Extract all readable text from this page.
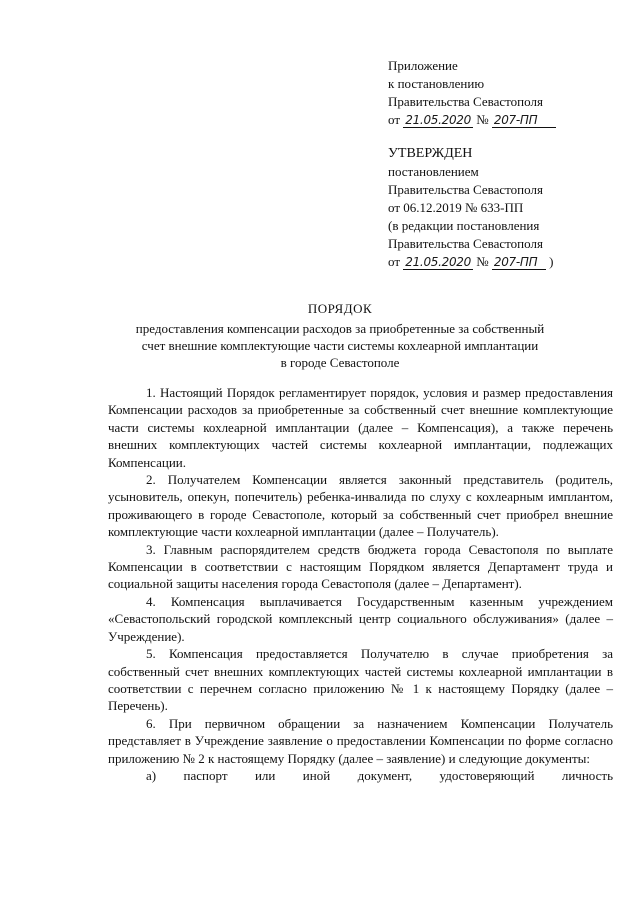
Приложение
к постановлению
Правительства Севастополя
от 21.05.2020 № 207-ПП
УТВЕРЖДЕН
постановлением
Правительства Севастополя
от 06.12.2019 № 633-ПП
(в редакции постановления
Правительства Севастополя
от 21.05.2020 № 207-ПП )
ПОРЯДОК
предоставления компенсации расходов за приобретенные за собственный
счет внешние комплектующие части системы кохлеарной имплантации
в городе Севастополе

1. Настоящий Порядок регламентирует порядок, условия и размер предоставления Компенсации расходов за приобретенные за собственный счет внешние комплектующие части системы кохлеарной имплантации (далее – Компенсация), а также перечень внешних комплектующих частей системы кохлеарной имплантации, подлежащих Компенсации.

2. Получателем Компенсации является законный представитель (родитель, усыновитель, опекун, попечитель) ребенка-инвалида по слуху с кохлеарным имплантом, проживающего в городе Севастополе, который за собственный счет приобрел внешние комплектующие части кохлеарной имплантации (далее – Получатель).

3. Главным распорядителем средств бюджета города Севастополя по выплате Компенсации в соответствии с настоящим Порядком является Департамент труда и социальной защиты населения города Севастополя (далее – Департамент).

4. Компенсация выплачивается Государственным казенным учреждением «Севастопольский городской комплексный центр социального обслуживания» (далее – Учреждение).

5. Компенсация предоставляется Получателю в случае приобретения за собственный счет внешних комплектующих частей системы кохлеарной имплантации в соответствии с перечнем согласно приложению № 1 к настоящему Порядку (далее – Перечень).

6. При первичном обращении за назначением Компенсации Получатель представляет в Учреждение заявление о предоставлении Компенсации по форме согласно приложению № 2 к настоящему Порядку (далее – заявление) и следующие документы:

а) паспорт или иной документ, удостоверяющий личность
